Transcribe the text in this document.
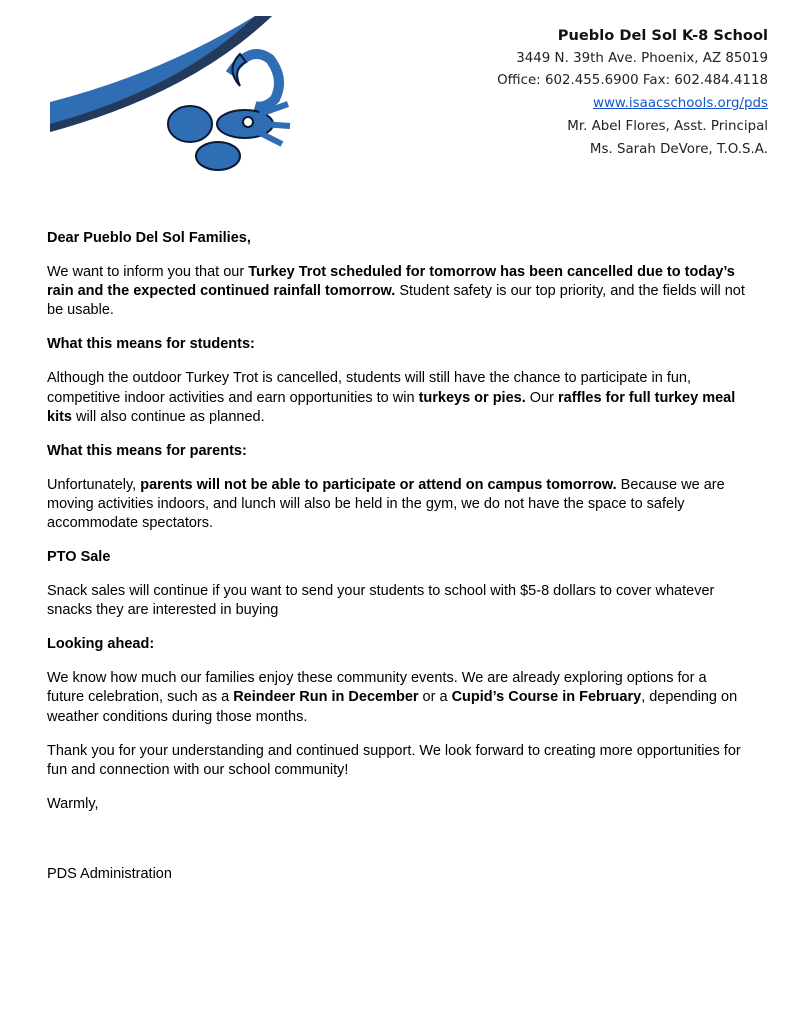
Pueblo Del Sol K-8 School
3449 N. 39th Ave. Phoenix, AZ 85019
Office: 602.455.6900 Fax: 602.484.4118
www.isaacschools.org/pds
Mr. Abel Flores, Asst. Principal
Ms. Sarah DeVore, T.O.S.A.

Dear Pueblo Del Sol Families,

We want to inform you that our Turkey Trot scheduled for tomorrow has been cancelled due to today’s rain and the expected continued rainfall tomorrow. Student safety is our top priority, and the fields will not be usable.

What this means for students:

Although the outdoor Turkey Trot is cancelled, students will still have the chance to participate in fun, competitive indoor activities and earn opportunities to win turkeys or pies. Our raffles for full turkey meal kits will also continue as planned.

What this means for parents:

Unfortunately, parents will not be able to participate or attend on campus tomorrow. Because we are moving activities indoors, and lunch will also be held in the gym, we do not have the space to safely accommodate spectators.

PTO Sale

Snack sales will continue if you want to send your students to school with $5-8 dollars to cover whatever snacks they are interested in buying

Looking ahead:

We know how much our families enjoy these community events. We are already exploring options for a future celebration, such as a Reindeer Run in December or a Cupid’s Course in February, depending on weather conditions during those months.

Thank you for your understanding and continued support. We look forward to creating more opportunities for fun and connection with our school community!

Warmly,

PDS Administration
